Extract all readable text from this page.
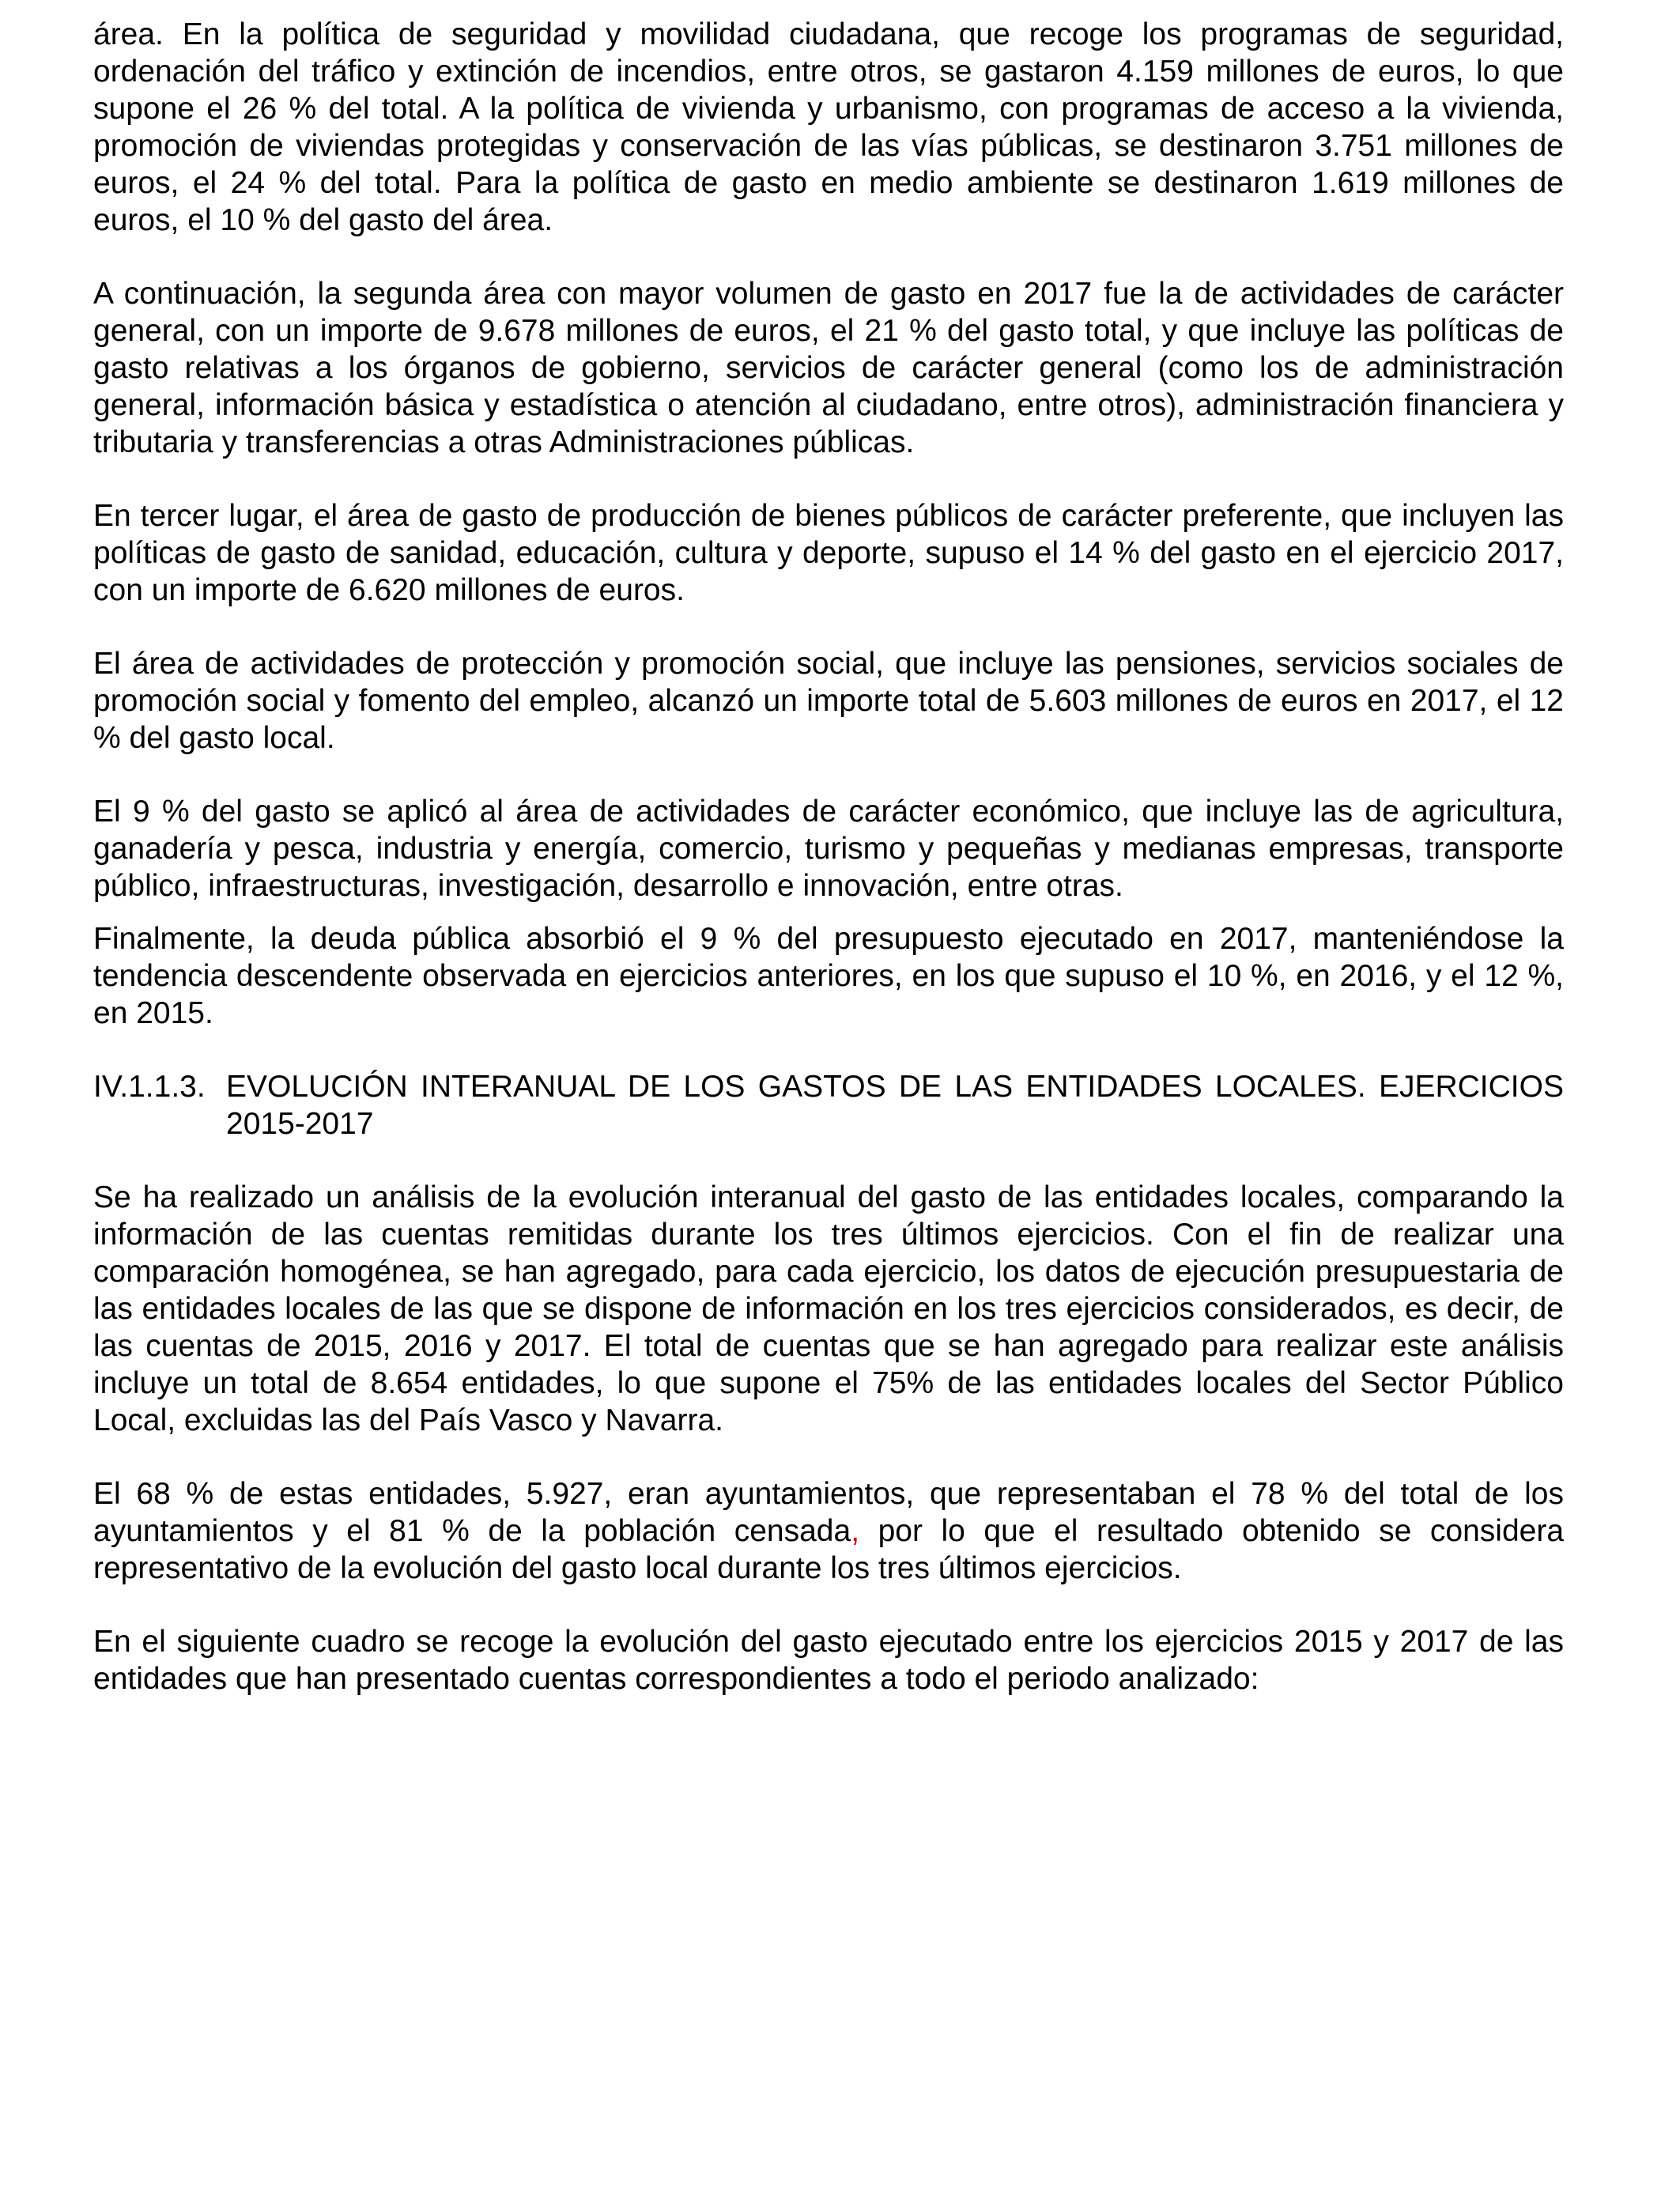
área. En la política de seguridad y movilidad ciudadana, que recoge los programas de seguridad, ordenación del tráfico y extinción de incendios, entre otros, se gastaron 4.159 millones de euros, lo que supone el 26 % del total. A la política de vivienda y urbanismo, con programas de acceso a la vivienda, promoción de viviendas protegidas y conservación de las vías públicas, se destinaron 3.751 millones de euros, el 24 % del total. Para la política de gasto en medio ambiente se destinaron 1.619 millones de euros, el 10 % del gasto del área.

A continuación, la segunda área con mayor volumen de gasto en 2017 fue la de actividades de carácter general, con un importe de 9.678 millones de euros, el 21 % del gasto total, y que incluye las políticas de gasto relativas a los órganos de gobierno, servicios de carácter general (como los de administración general, información básica y estadística o atención al ciudadano, entre otros), administración financiera y tributaria y transferencias a otras Administraciones públicas.

En tercer lugar, el área de gasto de producción de bienes públicos de carácter preferente, que incluyen las políticas de gasto de sanidad, educación, cultura y deporte, supuso el 14 % del gasto en el ejercicio 2017, con un importe de 6.620 millones de euros.

El área de actividades de protección y promoción social, que incluye las pensiones, servicios sociales de promoción social y fomento del empleo, alcanzó un importe total de 5.603 millones de euros en 2017, el 12 % del gasto local.

El 9 % del gasto se aplicó al área de actividades de carácter económico, que incluye las de agricultura, ganadería y pesca, industria y energía, comercio, turismo y pequeñas y medianas empresas, transporte público, infraestructuras, investigación, desarrollo e innovación, entre otras.

Finalmente, la deuda pública absorbió el 9 % del presupuesto ejecutado en 2017, manteniéndose la tendencia descendente observada en ejercicios anteriores, en los que supuso el 10 %, en 2016, y el 12 %, en 2015.

IV.1.1.3. EVOLUCIÓN INTERANUAL DE LOS GASTOS DE LAS ENTIDADES LOCALES. EJERCICIOS 2015-2017

Se ha realizado un análisis de la evolución interanual del gasto de las entidades locales, comparando la información de las cuentas remitidas durante los tres últimos ejercicios. Con el fin de realizar una comparación homogénea, se han agregado, para cada ejercicio, los datos de ejecución presupuestaria de las entidades locales de las que se dispone de información en los tres ejercicios considerados, es decir, de las cuentas de 2015, 2016 y 2017. El total de cuentas que se han agregado para realizar este análisis incluye un total de 8.654 entidades, lo que supone el 75% de las entidades locales del Sector Público Local, excluidas las del País Vasco y Navarra.

El 68 % de estas entidades, 5.927, eran ayuntamientos, que representaban el 78 % del total de los ayuntamientos y el 81 % de la población censada, por lo que el resultado obtenido se considera representativo de la evolución del gasto local durante los tres últimos ejercicios.

En el siguiente cuadro se recoge la evolución del gasto ejecutado entre los ejercicios 2015 y 2017 de las entidades que han presentado cuentas correspondientes a todo el periodo analizado:
